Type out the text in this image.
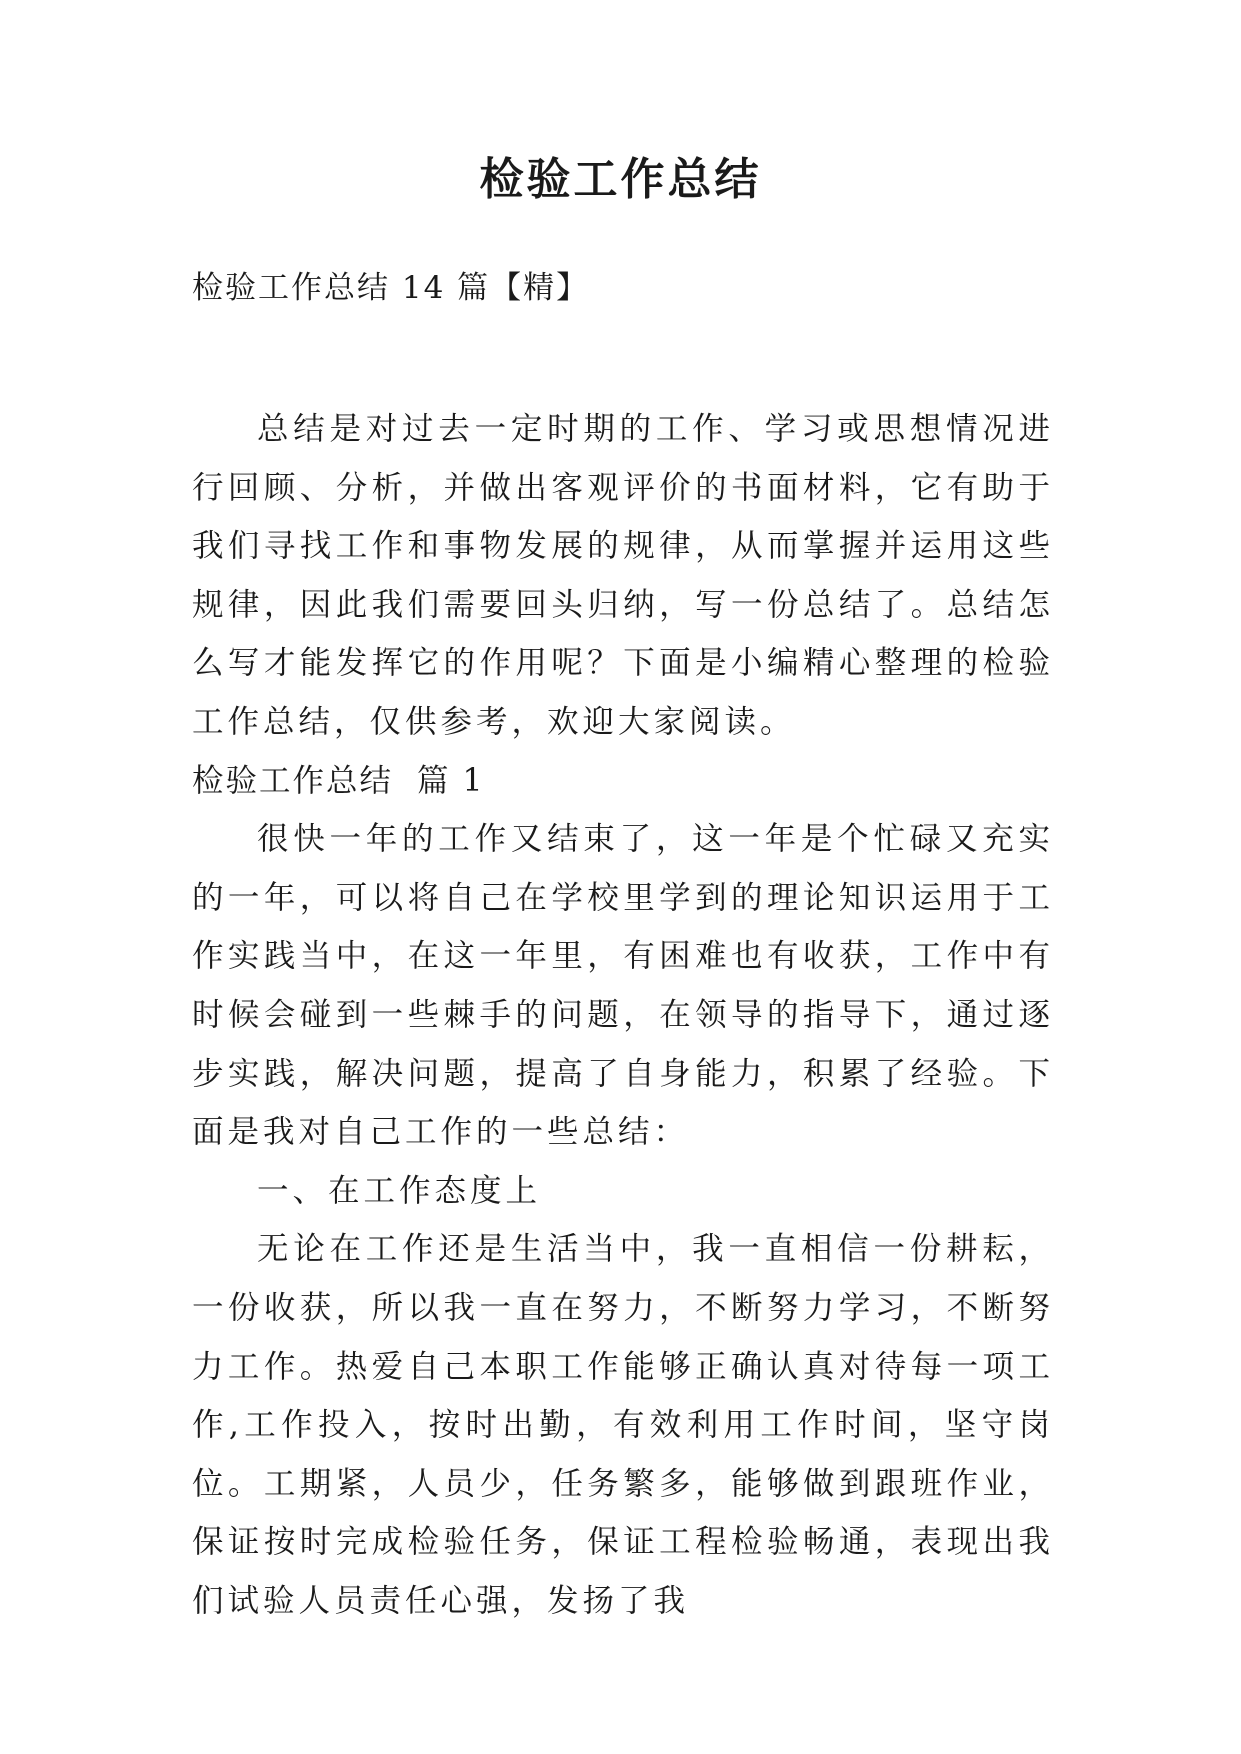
检验工作总结

检验工作总结 14 篇【精】

总结是对过去一定时期的工作、学习或思想情况进行回顾、分析，并做出客观评价的书面材料，它有助于我们寻找工作和事物发展的规律，从而掌握并运用这些规律，因此我们需要回头归纳，写一份总结了。总结怎么写才能发挥它的作用呢？下面是小编精心整理的检验工作总结，仅供参考，欢迎大家阅读。

检验工作总结  篇 1

很快一年的工作又结束了，这一年是个忙碌又充实的一年，可以将自己在学校里学到的理论知识运用于工作实践当中，在这一年里，有困难也有收获，工作中有时候会碰到一些棘手的问题，在领导的指导下，通过逐步实践，解决问题，提高了自身能力，积累了经验。下面是我对自己工作的一些总结：

一、在工作态度上

无论在工作还是生活当中，我一直相信一份耕耘，一份收获，所以我一直在努力，不断努力学习，不断努力工作。热爱自己本职工作能够正确认真对待每一项工作,工作投入，按时出勤，有效利用工作时间，坚守岗位。工期紧，人员少，任务繁多，能够做到跟班作业，保证按时完成检验任务，保证工程检验畅通，表现出我们试验人员责任心强，发扬了我
